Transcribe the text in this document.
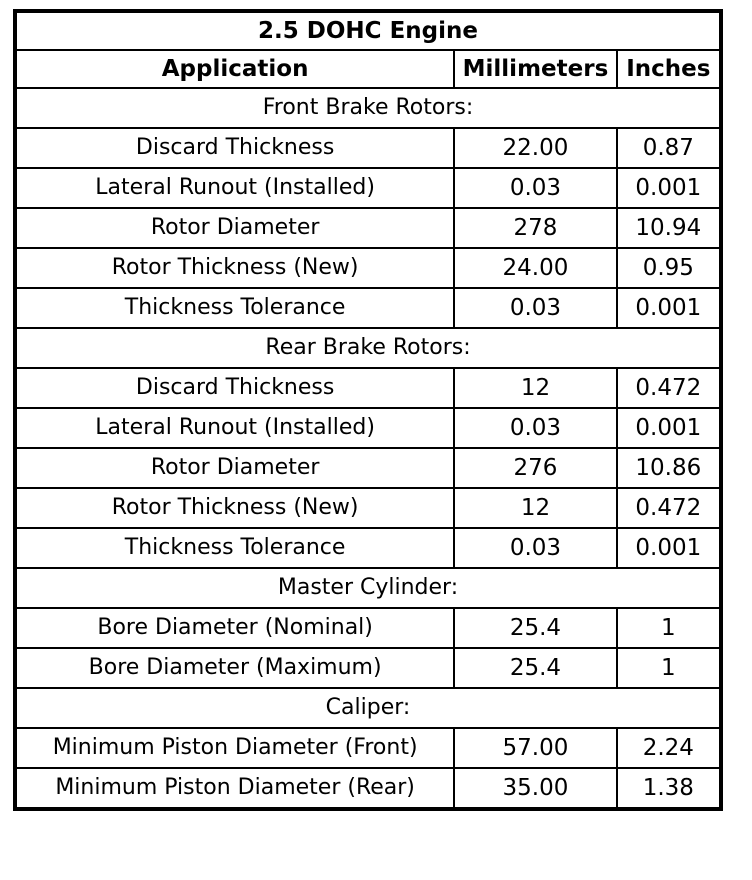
2.5 DOHC Engine		
Application	Millimeters	Inches
Front Brake Rotors:		
Discard Thickness	22.00	0.87
Lateral Runout (Installed)	0.03	0.001
Rotor Diameter	278	10.94
Rotor Thickness (New)	24.00	0.95
Thickness Tolerance	0.03	0.001
Rear Brake Rotors:		
Discard Thickness	12	0.472
Lateral Runout (Installed)	0.03	0.001
Rotor Diameter	276	10.86
Rotor Thickness (New)	12	0.472
Thickness Tolerance	0.03	0.001
Master Cylinder:		
Bore Diameter (Nominal)	25.4	1
Bore Diameter (Maximum)	25.4	1
Caliper:		
Minimum Piston Diameter (Front)	57.00	2.24
Minimum Piston Diameter (Rear)	35.00	1.38
